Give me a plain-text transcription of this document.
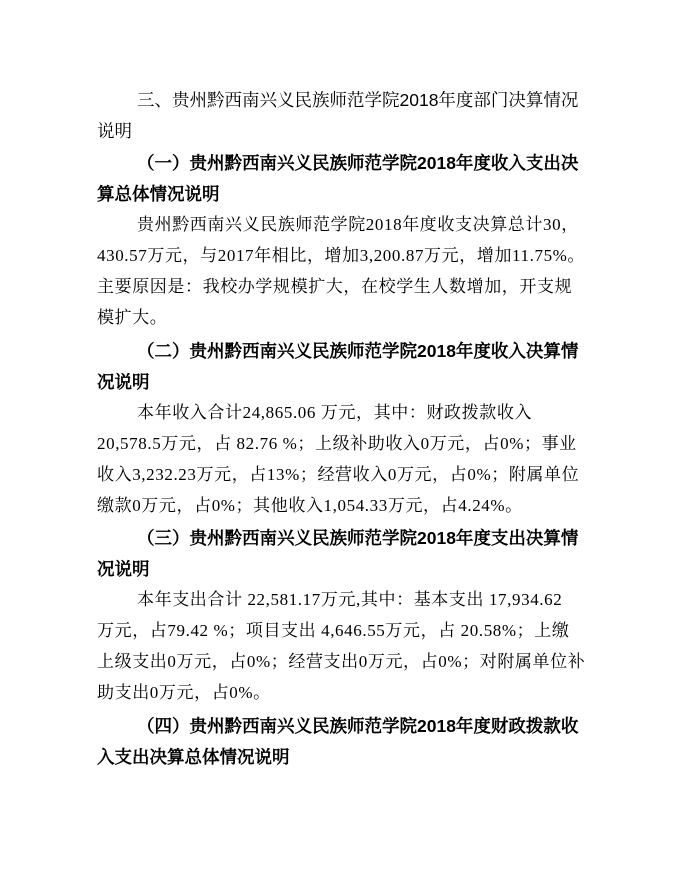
三、贵州黔西南兴义民族师范学院2018年度部门决算情况
说明
（一）贵州黔西南兴义民族师范学院2018年度收入支出决
算总体情况说明
贵州黔西南兴义民族师范学院2018年度收支决算总计30，
430.57万元，与2017年相比，增加3,200.87万元，增加11.75%。
主要原因是：我校办学规模扩大，在校学生人数增加，开支规
模扩大。
（二）贵州黔西南兴义民族师范学院2018年度收入决算情
况说明
本年收入合计24,865.06 万元，其中：财政拨款收入
20,578.5万元，占 82.76 %；上级补助收入0万元，占0%；事业
收入3,232.23万元，占13%；经营收入0万元，占0%；附属单位
缴款0万元，占0%；其他收入1,054.33万元，占4.24%。
（三）贵州黔西南兴义民族师范学院2018年度支出决算情
况说明
本年支出合计 22,581.17万元,其中：基本支出 17,934.62
万元，占79.42 %；项目支出 4,646.55万元，占 20.58%；上缴
上级支出0万元，占0%；经营支出0万元，占0%；对附属单位补
助支出0万元，占0%。
（四）贵州黔西南兴义民族师范学院2018年度财政拨款收
入支出决算总体情况说明
